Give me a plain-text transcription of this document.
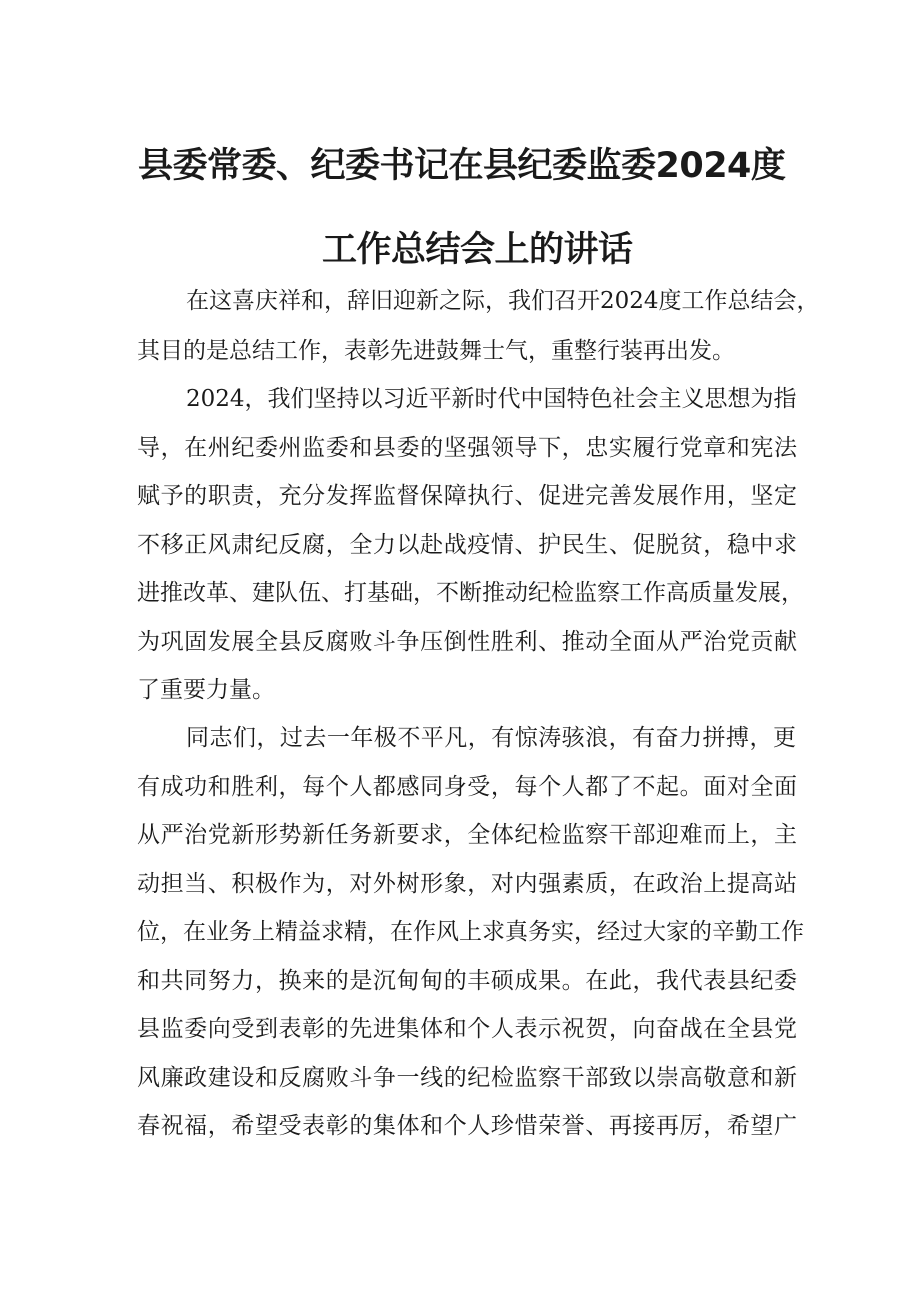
县委常委、纪委书记在县纪委监委2024度
工作总结会上的讲话
在这喜庆祥和，辞旧迎新之际，我们召开2024度工作总结会，
其目的是总结工作，表彰先进鼓舞士气，重整行装再出发。
2024，我们坚持以习近平新时代中国特色社会主义思想为指
导，在州纪委州监委和县委的坚强领导下，忠实履行党章和宪法
赋予的职责，充分发挥监督保障执行、促进完善发展作用，坚定
不移正风肃纪反腐，全力以赴战疫情、护民生、促脱贫，稳中求
进推改革、建队伍、打基础，不断推动纪检监察工作高质量发展，
为巩固发展全县反腐败斗争压倒性胜利、推动全面从严治党贡献
了重要力量。
同志们，过去一年极不平凡，有惊涛骇浪，有奋力拼搏，更
有成功和胜利，每个人都感同身受，每个人都了不起。面对全面
从严治党新形势新任务新要求，全体纪检监察干部迎难而上，主
动担当、积极作为，对外树形象，对内强素质，在政治上提高站
位，在业务上精益求精，在作风上求真务实，经过大家的辛勤工作
和共同努力，换来的是沉甸甸的丰硕成果。在此，我代表县纪委
县监委向受到表彰的先进集体和个人表示祝贺，向奋战在全县党
风廉政建设和反腐败斗争一线的纪检监察干部致以崇高敬意和新
春祝福，希望受表彰的集体和个人珍惜荣誉、再接再厉，希望广
